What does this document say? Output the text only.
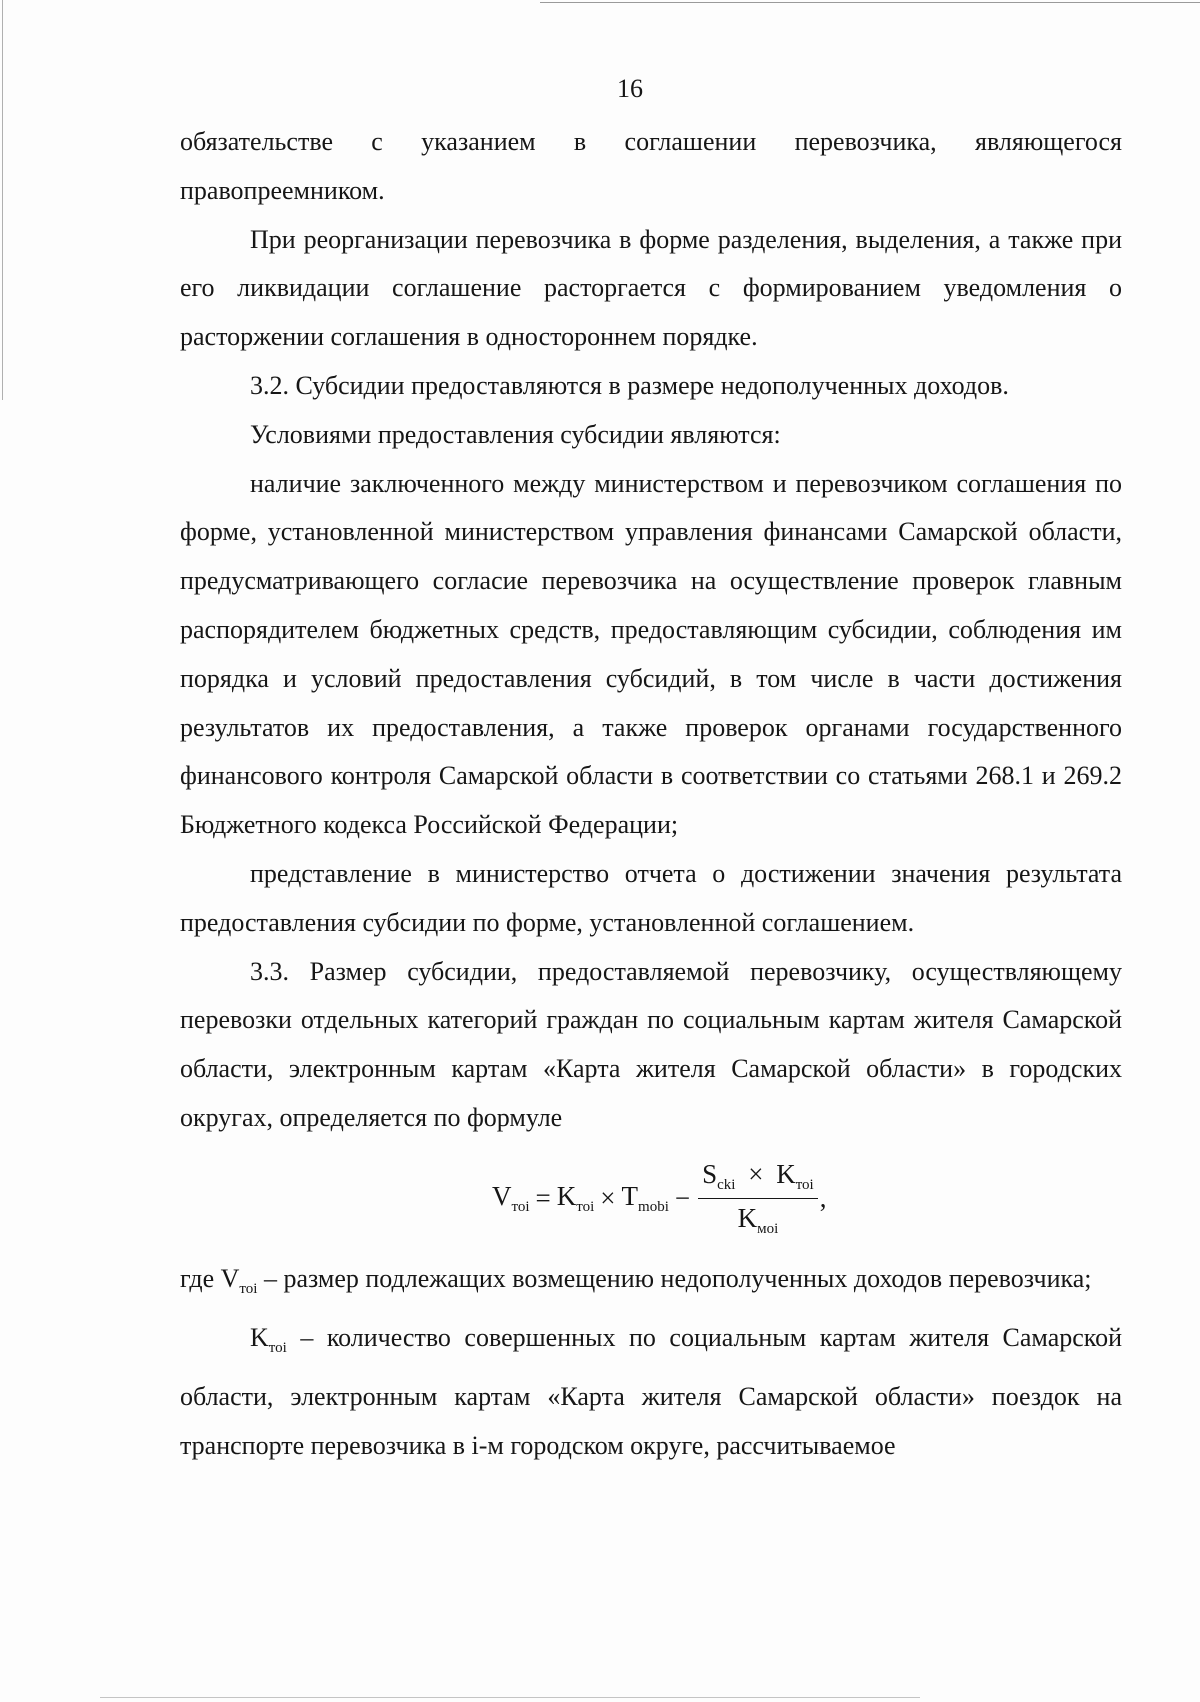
16

обязательстве с указанием в соглашении перевозчика, являющегося правопреемником.

При реорганизации перевозчика в форме разделения, выделения, а также при его ликвидации соглашение расторгается с формированием уведомления о расторжении соглашения в одностороннем порядке.

3.2. Субсидии предоставляются в размере недополученных доходов.

Условиями предоставления субсидии являются:

наличие заключенного между министерством и перевозчиком соглашения по форме, установленной министерством управления финансами Самарской области, предусматривающего согласие перевозчика на осуществление проверок главным распорядителем бюджетных средств, предоставляющим субсидии, соблюдения им порядка и условий предоставления субсидий, в том числе в части достижения результатов их предоставления, а также проверок органами государственного финансового контроля Самарской области в соответствии со статьями 268.1 и 269.2 Бюджетного кодекса Российской Федерации;

представление в министерство отчета о достижении значения результата предоставления субсидии по форме, установленной соглашением.

3.3. Размер субсидии, предоставляемой перевозчику, осуществляющему перевозки отдельных категорий граждан по социальным картам жителя Самарской области, электронным картам «Карта жителя Самарской области» в городских округах, определяется по формуле

$V_{тоi} = K_{тоi} \times T_{mobi} - \frac{S_{cki} \times K_{тоi}}{K_{моi}}$ ,

где $V_{тоi}$ – размер подлежащих возмещению недополученных доходов перевозчика;

$K_{тоi}$ – количество совершенных по социальным картам жителя Самарской области, электронным картам «Карта жителя Самарской области» поездок на транспорте перевозчика в i-м городском округе, рассчитываемое
